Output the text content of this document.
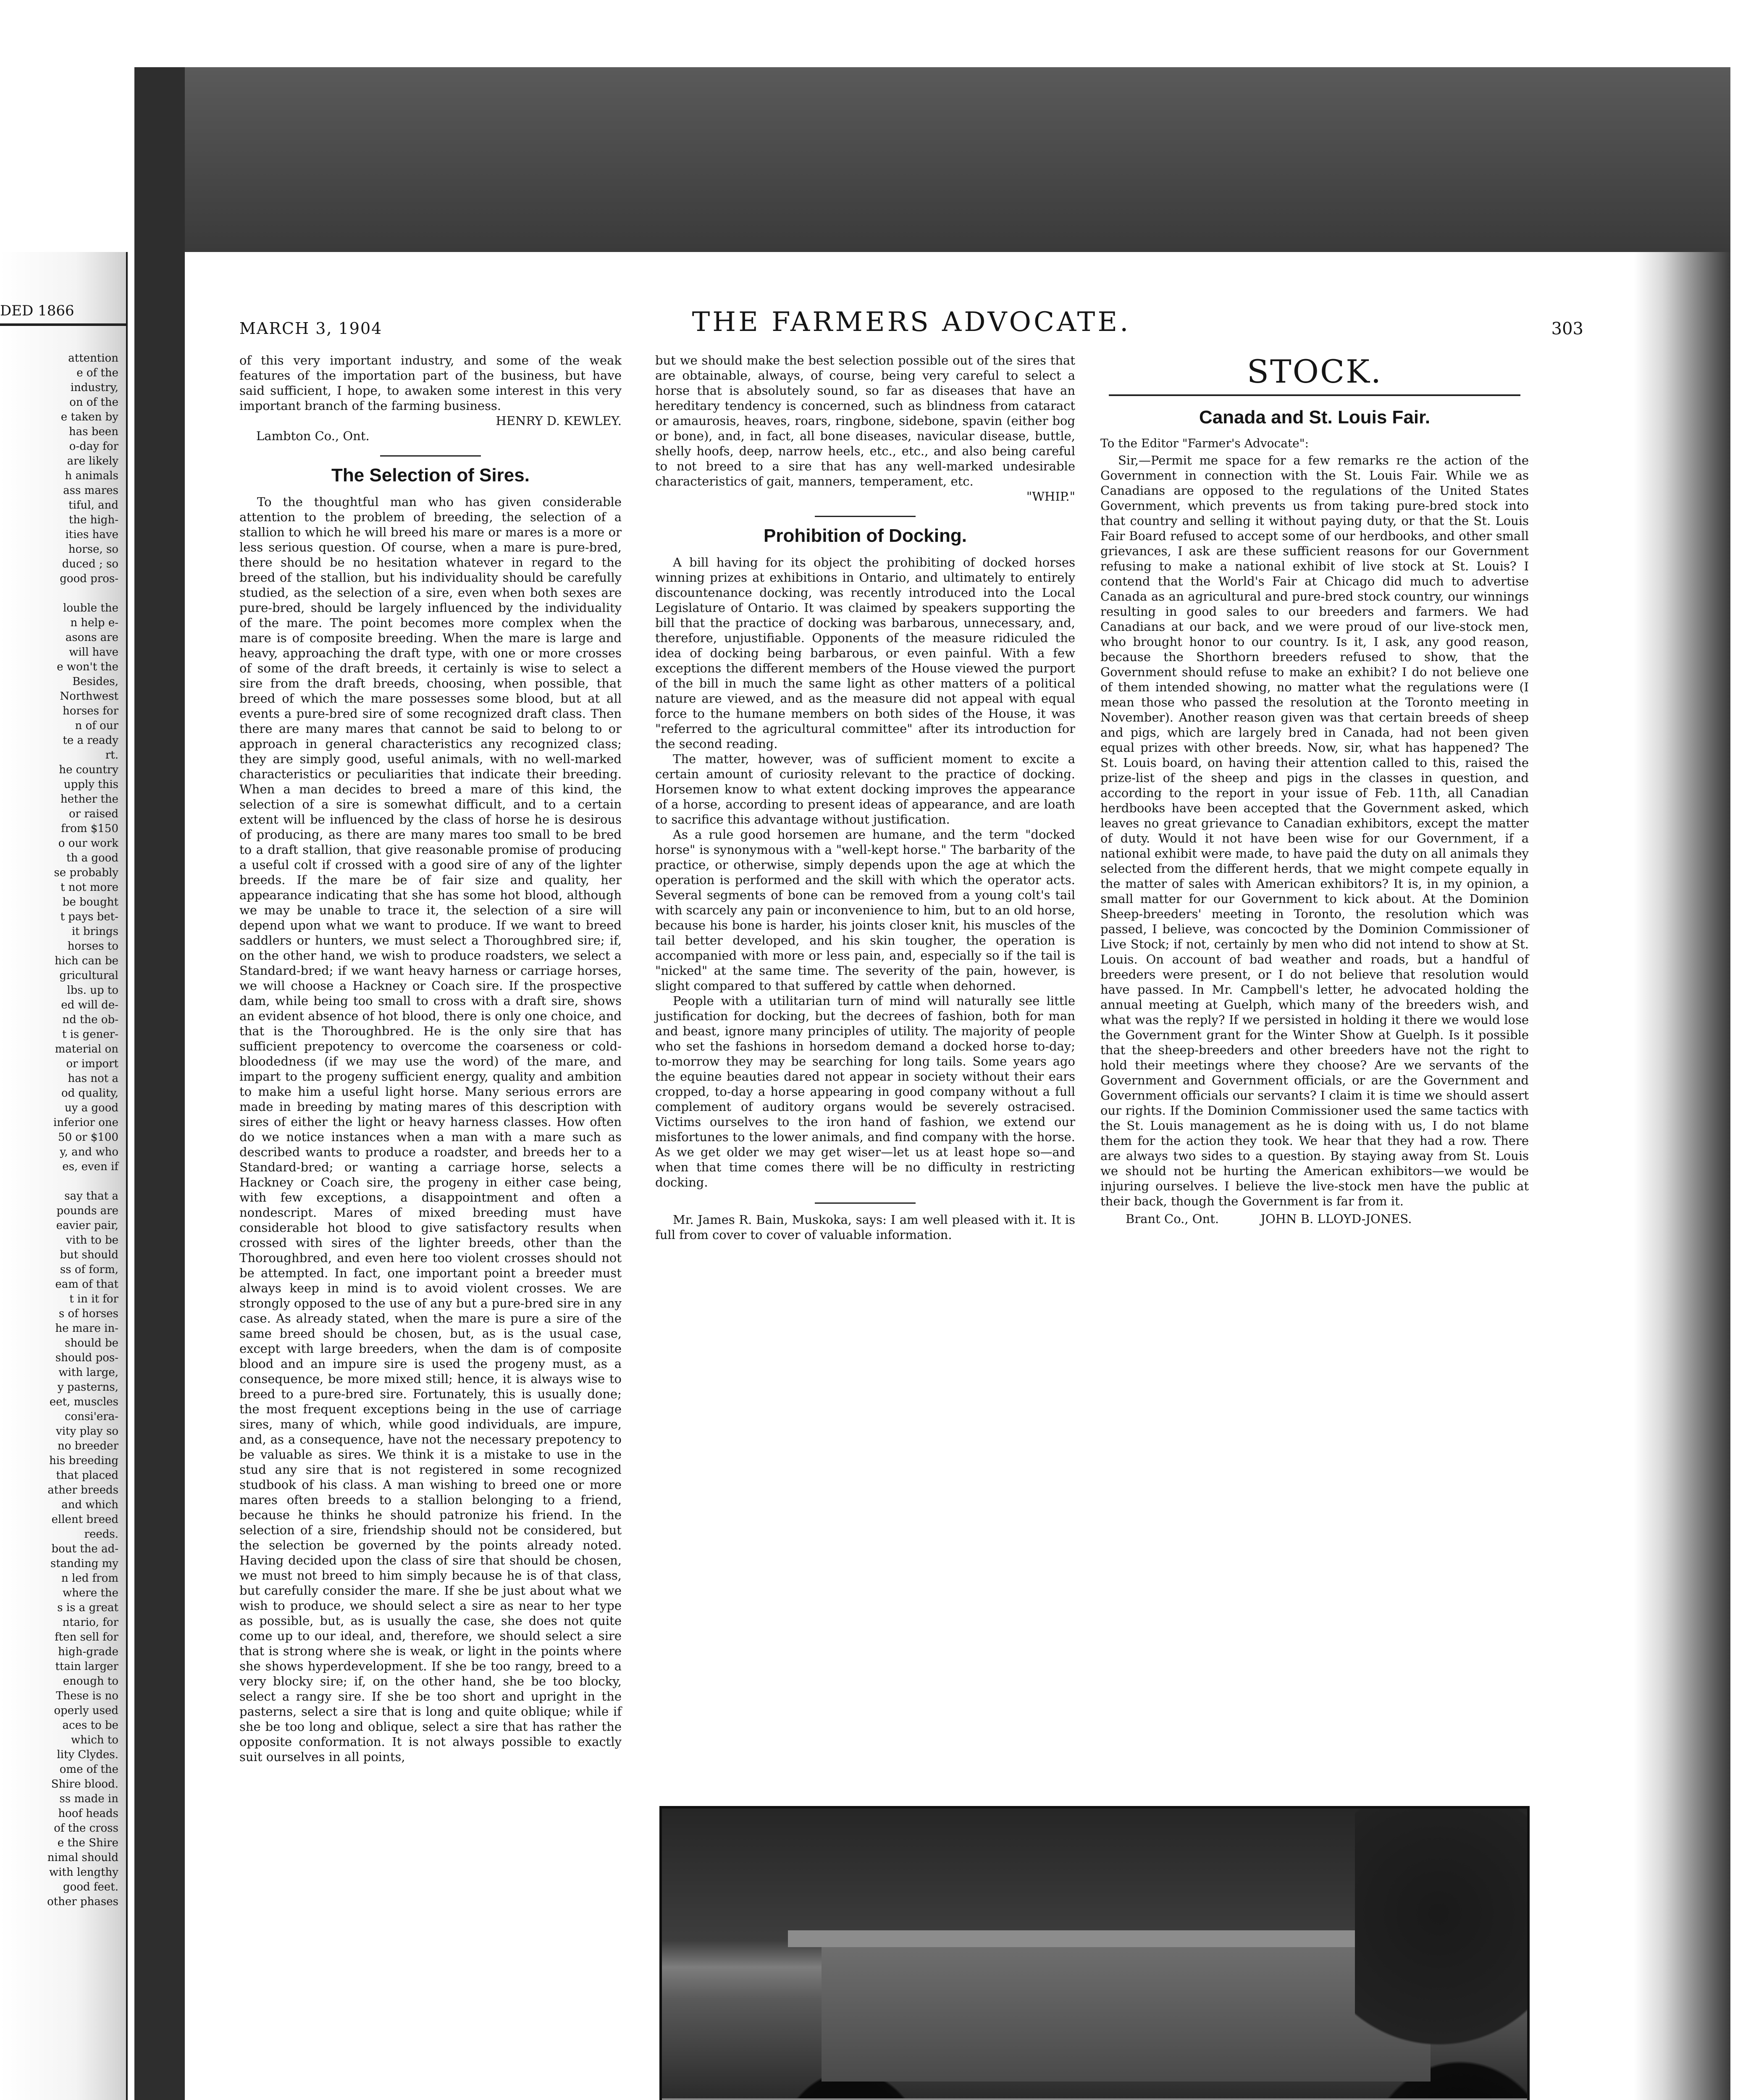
DED 1866
attention
e of the
industry,
on of the
e taken by
has been
o-day for
are likely
h animals
ass mares
tiful, and
the high-
ities have
horse, so
duced ; so
good pros-

louble the
n help e-
asons are
will have
e won't the
Besides,
Northwest
horses for
n of our
te a ready
rt.
he country
upply this
hether the
or raised
from $150
o our work
th a good
se probably
t not more
be bought
t pays bet-
it brings
horses to
hich can be
gricultural
lbs. up to
ed will de-
nd the ob-
t is gener-
material on
or import
has not a
od quality,
uy a good
inferior one
50 or $100
y, and who
es, even if

say that a
pounds are
eavier pair,
vith to be
but should
ss of form,
eam of that
t in it for
s of horses
he mare in-
should be
should pos-
with large,
y pasterns,
eet, muscles
consi'era-
vity play so
no breeder
his breeding
that placed
ather breeds
and which
ellent breed
reeds.
bout the ad-
standing my
n led from
where the
s is a great
ntario, for
ften sell for
high-grade
ttain larger
enough to
These is no
operly used
aces to be
which to
lity Clydes.
ome of the
Shire blood.
ss made in
hoof heads
of the cross
e the Shire
nimal should
with lengthy
good feet.
other phases
MARCH 3, 1904	THE FARMERS ADVOCATE.	303

of this very important industry, and some of the weak features of the importation part of the business, but have said sufficient, I hope, to awaken some interest in this very important branch of the farming business.

HENRY D. KEWLEY.
Lambton Co., Ont.
The Selection of Sires.

To the thoughtful man who has given considerable attention to the problem of breeding, the selection of a stallion to which he will breed his mare or mares is a more or less serious question. Of course, when a mare is pure-bred, there should be no hesitation whatever in regard to the breed of the stallion, but his individuality should be carefully studied, as the selection of a sire, even when both sexes are pure-bred, should be largely influenced by the individuality of the mare. The point becomes more complex when the mare is of composite breeding. When the mare is large and heavy, approaching the draft type, with one or more crosses of some of the draft breeds, it certainly is wise to select a sire from the draft breeds, choosing, when possible, that breed of which the mare possesses some blood, but at all events a pure-bred sire of some recognized draft class. Then there are many mares that cannot be said to belong to or approach in general characteristics any recognized class; they are simply good, useful animals, with no well-marked characteristics or peculiarities that indicate their breeding. When a man decides to breed a mare of this kind, the selection of a sire is somewhat difficult, and to a certain extent will be influenced by the class of horse he is desirous of producing, as there are many mares too small to be bred to a draft stallion, that give reasonable promise of producing a useful colt if crossed with a good sire of any of the lighter breeds. If the mare be of fair size and quality, her appearance indicating that she has some hot blood, although we may be unable to trace it, the selection of a sire will depend upon what we want to produce. If we want to breed saddlers or hunters, we must select a Thoroughbred sire; if, on the other hand, we wish to produce roadsters, we select a Standard-bred; if we want heavy harness or carriage horses, we will choose a Hackney or Coach sire. If the prospective dam, while being too small to cross with a draft sire, shows an evident absence of hot blood, there is only one choice, and that is the Thoroughbred. He is the only sire that has sufficient prepotency to overcome the coarseness or cold-bloodedness (if we may use the word) of the mare, and impart to the progeny sufficient energy, quality and ambition to make him a useful light horse. Many serious errors are made in breeding by mating mares of this description with sires of either the light or heavy harness classes. How often do we notice instances when a man with a mare such as described wants to produce a roadster, and breeds her to a Standard-bred; or wanting a carriage horse, selects a Hackney or Coach sire, the progeny in either case being, with few exceptions, a disappointment and often a nondescript. Mares of mixed breeding must have considerable hot blood to give satisfactory results when crossed with sires of the lighter breeds, other than the Thoroughbred, and even here too violent crosses should not be attempted. In fact, one important point a breeder must always keep in mind is to avoid violent crosses. We are strongly opposed to the use of any but a pure-bred sire in any case. As already stated, when the mare is pure a sire of the same breed should be chosen, but, as is the usual case, except with large breeders, when the dam is of composite blood and an impure sire is used the progeny must, as a consequence, be more mixed still; hence, it is always wise to breed to a pure-bred sire. Fortunately, this is usually done; the most frequent exceptions being in the use of carriage sires, many of which, while good individuals, are impure, and, as a consequence, have not the necessary prepotency to be valuable as sires. We think it is a mistake to use in the stud any sire that is not registered in some recognized studbook of his class. A man wishing to breed one or more mares often breeds to a stallion belonging to a friend, because he thinks he should patronize his friend. In the selection of a sire, friendship should not be considered, but the selection be governed by the points already noted. Having decided upon the class of sire that should be chosen, we must not breed to him simply because he is of that class, but carefully consider the mare. If she be just about what we wish to produce, we should select a sire as near to her type as possible, but, as is usually the case, she does not quite come up to our ideal, and, therefore, we should select a sire that is strong where she is weak, or light in the points where she shows hyperdevelopment. If she be too rangy, breed to a very blocky sire; if, on the other hand, she be too blocky, select a rangy sire. If she be too short and upright in the pasterns, select a sire that is long and quite oblique; while if she be too long and oblique, select a sire that has rather the opposite conformation. It is not always possible to exactly suit ourselves in all points,

but we should make the best selection possible out of the sires that are obtainable, always, of course, being very careful to select a horse that is absolutely sound, so far as diseases that have an hereditary tendency is concerned, such as blindness from cataract or amaurosis, heaves, roars, ringbone, sidebone, spavin (either bog or bone), and, in fact, all bone diseases, navicular disease, buttle, shelly hoofs, deep, narrow heels, etc., etc., and also being careful to not breed to a sire that has any well-marked undesirable characteristics of gait, manners, temperament, etc.

"WHIP."
Prohibition of Docking.

A bill having for its object the prohibiting of docked horses winning prizes at exhibitions in Ontario, and ultimately to entirely discountenance docking, was recently introduced into the Local Legislature of Ontario. It was claimed by speakers supporting the bill that the practice of docking was barbarous, unnecessary, and, therefore, unjustifiable. Opponents of the measure ridiculed the idea of docking being barbarous, or even painful. With a few exceptions the different members of the House viewed the purport of the bill in much the same light as other matters of a political nature are viewed, and as the measure did not appeal with equal force to the humane members on both sides of the House, it was "referred to the agricultural committee" after its introduction for the second reading.

The matter, however, was of sufficient moment to excite a certain amount of curiosity relevant to the practice of docking. Horsemen know to what extent docking improves the appearance of a horse, according to present ideas of appearance, and are loath to sacrifice this advantage without justification.

As a rule good horsemen are humane, and the term "docked horse" is synonymous with a "well-kept horse." The barbarity of the practice, or otherwise, simply depends upon the age at which the operation is performed and the skill with which the operator acts. Several segments of bone can be removed from a young colt's tail with scarcely any pain or inconvenience to him, but to an old horse, because his bone is harder, his joints closer knit, his muscles of the tail better developed, and his skin tougher, the operation is accompanied with more or less pain, and, especially so if the tail is "nicked" at the same time. The severity of the pain, however, is slight compared to that suffered by cattle when dehorned.

People with a utilitarian turn of mind will naturally see little justification for docking, but the decrees of fashion, both for man and beast, ignore many principles of utility. The majority of people who set the fashions in horsedom demand a docked horse to-day; to-morrow they may be searching for long tails. Some years ago the equine beauties dared not appear in society without their ears cropped, to-day a horse appearing in good company without a full complement of auditory organs would be severely ostracised. Victims ourselves to the iron hand of fashion, we extend our misfortunes to the lower animals, and find company with the horse. As we get older we may get wiser—let us at least hope so—and when that time comes there will be no difficulty in restricting docking.

Mr. James R. Bain, Muskoka, says: I am well pleased with it. It is full from cover to cover of valuable information.

STOCK.
Canada and St. Louis Fair.
To the Editor "Farmer's Advocate":

Sir,—Permit me space for a few remarks re the action of the Government in connection with the St. Louis Fair. While we as Canadians are opposed to the regulations of the United States Government, which prevents us from taking pure-bred stock into that country and selling it without paying duty, or that the St. Louis Fair Board refused to accept some of our herdbooks, and other small grievances, I ask are these sufficient reasons for our Government refusing to make a national exhibit of live stock at St. Louis? I contend that the World's Fair at Chicago did much to advertise Canada as an agricultural and pure-bred stock country, our winnings resulting in good sales to our breeders and farmers. We had Canadians at our back, and we were proud of our live-stock men, who brought honor to our country. Is it, I ask, any good reason, because the Shorthorn breeders refused to show, that the Government should refuse to make an exhibit? I do not believe one of them intended showing, no matter what the regulations were (I mean those who passed the resolution at the Toronto meeting in November). Another reason given was that certain breeds of sheep and pigs, which are largely bred in Canada, had not been given equal prizes with other breeds. Now, sir, what has happened? The St. Louis board, on having their attention called to this, raised the prize-list of the sheep and pigs in the classes in question, and according to the report in your issue of Feb. 11th, all Canadian herdbooks have been accepted that the Government asked, which leaves no great grievance to Canadian exhibitors, except the matter of duty. Would it not have been wise for our Government, if a national exhibit were made, to have paid the duty on all animals they selected from the different herds, that we might compete equally in the matter of sales with American exhibitors? It is, in my opinion, a small matter for our Government to kick about. At the Dominion Sheep-breeders' meeting in Toronto, the resolution which was passed, I believe, was concocted by the Dominion Commissioner of Live Stock; if not, certainly by men who did not intend to show at St. Louis. On account of bad weather and roads, but a handful of breeders were present, or I do not believe that resolution would have passed. In Mr. Campbell's letter, he advocated holding the annual meeting at Guelph, which many of the breeders wish, and what was the reply? If we persisted in holding it there we would lose the Government grant for the Winter Show at Guelph. Is it possible that the sheep-breeders and other breeders have not the right to hold their meetings where they choose? Are we servants of the Government and Government officials, or are the Government and Government officials our servants? I claim it is time we should assert our rights. If the Dominion Commissioner used the same tactics with the St. Louis management as he is doing with us, I do not blame them for the action they took. We hear that they had a row. There are always two sides to a question. By staying away from St. Louis we should not be hurting the American exhibitors—we would be injuring ourselves. I believe the live-stock men have the public at their back, though the Government is far from it.

Brant Co., Ont.	JOHN B. LLOYD-JONES.
